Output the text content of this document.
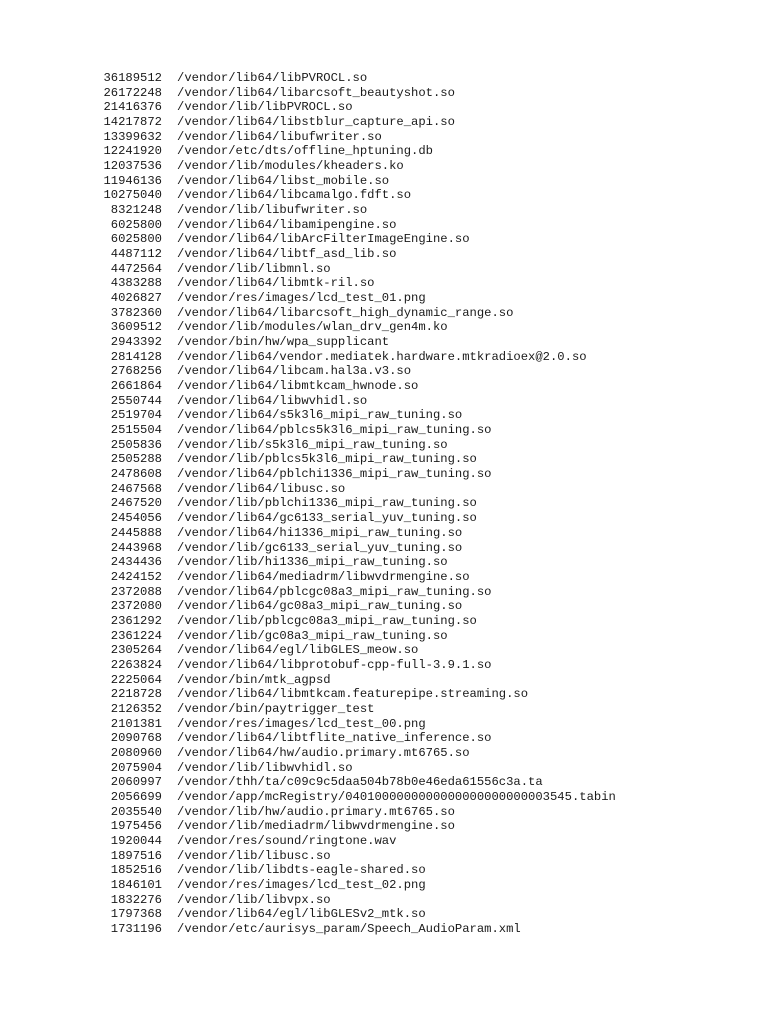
36189512 /vendor/lib64/libPVROCL.so
26172248 /vendor/lib64/libarcsoft_beautyshot.so
21416376 /vendor/lib/libPVROCL.so
14217872 /vendor/lib64/libstblur_capture_api.so
13399632 /vendor/lib64/libufwriter.so
12241920 /vendor/etc/dts/offline_hptuning.db
12037536 /vendor/lib/modules/kheaders.ko
11946136 /vendor/lib64/libst_mobile.so
10275040 /vendor/lib64/libcamalgo.fdft.so
8321248 /vendor/lib/libufwriter.so
6025800 /vendor/lib64/libamipengine.so
6025800 /vendor/lib64/libArcFilterImageEngine.so
4487112 /vendor/lib64/libtf_asd_lib.so
4472564 /vendor/lib/libmnl.so
4383288 /vendor/lib64/libmtk-ril.so
4026827 /vendor/res/images/lcd_test_01.png
3782360 /vendor/lib64/libarcsoft_high_dynamic_range.so
3609512 /vendor/lib/modules/wlan_drv_gen4m.ko
2943392 /vendor/bin/hw/wpa_supplicant
2814128 /vendor/lib64/vendor.mediatek.hardware.mtkradioex@2.0.so
2768256 /vendor/lib64/libcam.hal3a.v3.so
2661864 /vendor/lib64/libmtkcam_hwnode.so
2550744 /vendor/lib64/libwvhidl.so
2519704 /vendor/lib64/s5k3l6_mipi_raw_tuning.so
2515504 /vendor/lib64/pblcs5k3l6_mipi_raw_tuning.so
2505836 /vendor/lib/s5k3l6_mipi_raw_tuning.so
2505288 /vendor/lib/pblcs5k3l6_mipi_raw_tuning.so
2478608 /vendor/lib64/pblchi1336_mipi_raw_tuning.so
2467568 /vendor/lib64/libusc.so
2467520 /vendor/lib/pblchi1336_mipi_raw_tuning.so
2454056 /vendor/lib64/gc6133_serial_yuv_tuning.so
2445888 /vendor/lib64/hi1336_mipi_raw_tuning.so
2443968 /vendor/lib/gc6133_serial_yuv_tuning.so
2434436 /vendor/lib/hi1336_mipi_raw_tuning.so
2424152 /vendor/lib64/mediadrm/libwvdrmengine.so
2372088 /vendor/lib64/pblcgc08a3_mipi_raw_tuning.so
2372080 /vendor/lib64/gc08a3_mipi_raw_tuning.so
2361292 /vendor/lib/pblcgc08a3_mipi_raw_tuning.so
2361224 /vendor/lib/gc08a3_mipi_raw_tuning.so
2305264 /vendor/lib64/egl/libGLES_meow.so
2263824 /vendor/lib64/libprotobuf-cpp-full-3.9.1.so
2225064 /vendor/bin/mtk_agpsd
2218728 /vendor/lib64/libmtkcam.featurepipe.streaming.so
2126352 /vendor/bin/paytrigger_test
2101381 /vendor/res/images/lcd_test_00.png
2090768 /vendor/lib64/libtflite_native_inference.so
2080960 /vendor/lib64/hw/audio.primary.mt6765.so
2075904 /vendor/lib/libwvhidl.so
2060997 /vendor/thh/ta/c09c9c5daa504b78b0e46eda61556c3a.ta
2056699 /vendor/app/mcRegistry/0401000000000000000000000003545.tabin
2035540 /vendor/lib/hw/audio.primary.mt6765.so
1975456 /vendor/lib/mediadrm/libwvdrmengine.so
1920044 /vendor/res/sound/ringtone.wav
1897516 /vendor/lib/libusc.so
1852516 /vendor/lib/libdts-eagle-shared.so
1846101 /vendor/res/images/lcd_test_02.png
1832276 /vendor/lib/libvpx.so
1797368 /vendor/lib64/egl/libGLESv2_mtk.so
1731196 /vendor/etc/aurisys_param/Speech_AudioParam.xml
